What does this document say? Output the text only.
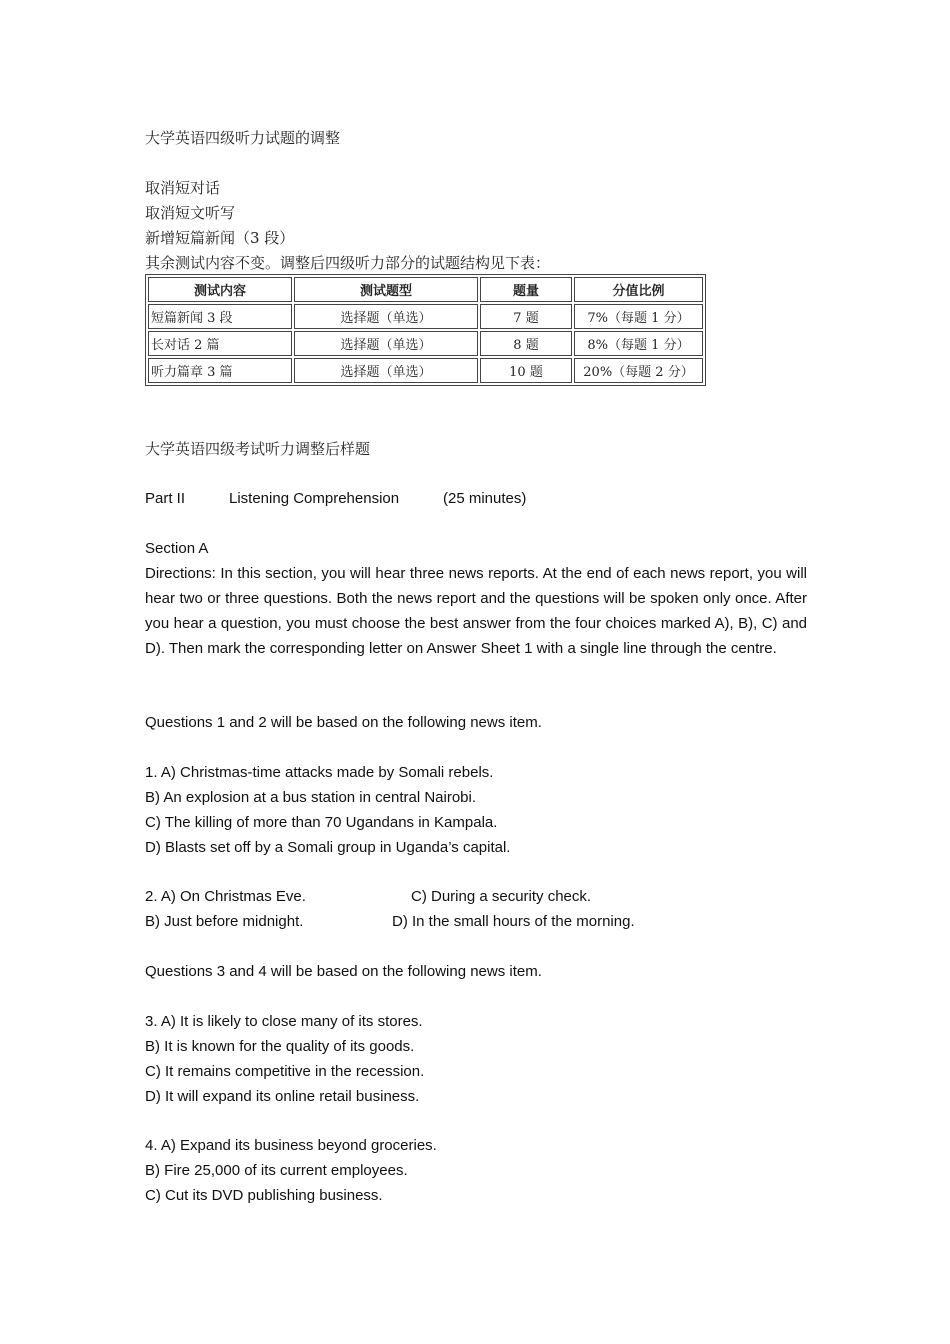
大学英语四级听力试题的调整
取消短对话
取消短文听写
新增短篇新闻（3 段）
其余测试内容不变。调整后四级听力部分的试题结构见下表：
测试内容	测试题型	题量	分值比例
短篇新闻 3 段	选择题（单选）	7 题	7%（每题 1 分）
长对话 2 篇	选择题（单选）	8 题	8%（每题 1 分）
听力篇章 3 篇	选择题（单选）	10 题	20%（每题 2 分）
大学英语四级考试听力调整后样题
Part II	Listening Comprehension	(25 minutes)
Section A
Directions: In this section, you will hear three news reports. At the end of each news report, you will hear two or three questions. Both the news report and the questions will be spoken only once. After you hear a question, you must choose the best answer from the four choices marked A), B), C) and D). Then mark the corresponding letter on Answer Sheet 1 with a single line through the centre.
Questions 1 and 2 will be based on the following news item.
1. A) Christmas-time attacks made by Somali rebels.
B) An explosion at a bus station in central Nairobi.
C) The killing of more than 70 Ugandans in Kampala.
D) Blasts set off by a Somali group in Uganda’s capital.
2. A) On Christmas Eve.	C) During a security check.
B) Just before midnight.	D) In the small hours of the morning.
Questions 3 and 4 will be based on the following news item.
3. A) It is likely to close many of its stores.
B) It is known for the quality of its goods.
C) It remains competitive in the recession.
D) It will expand its online retail business.
4. A) Expand its business beyond groceries.
B) Fire 25,000 of its current employees.
C) Cut its DVD publishing business.
